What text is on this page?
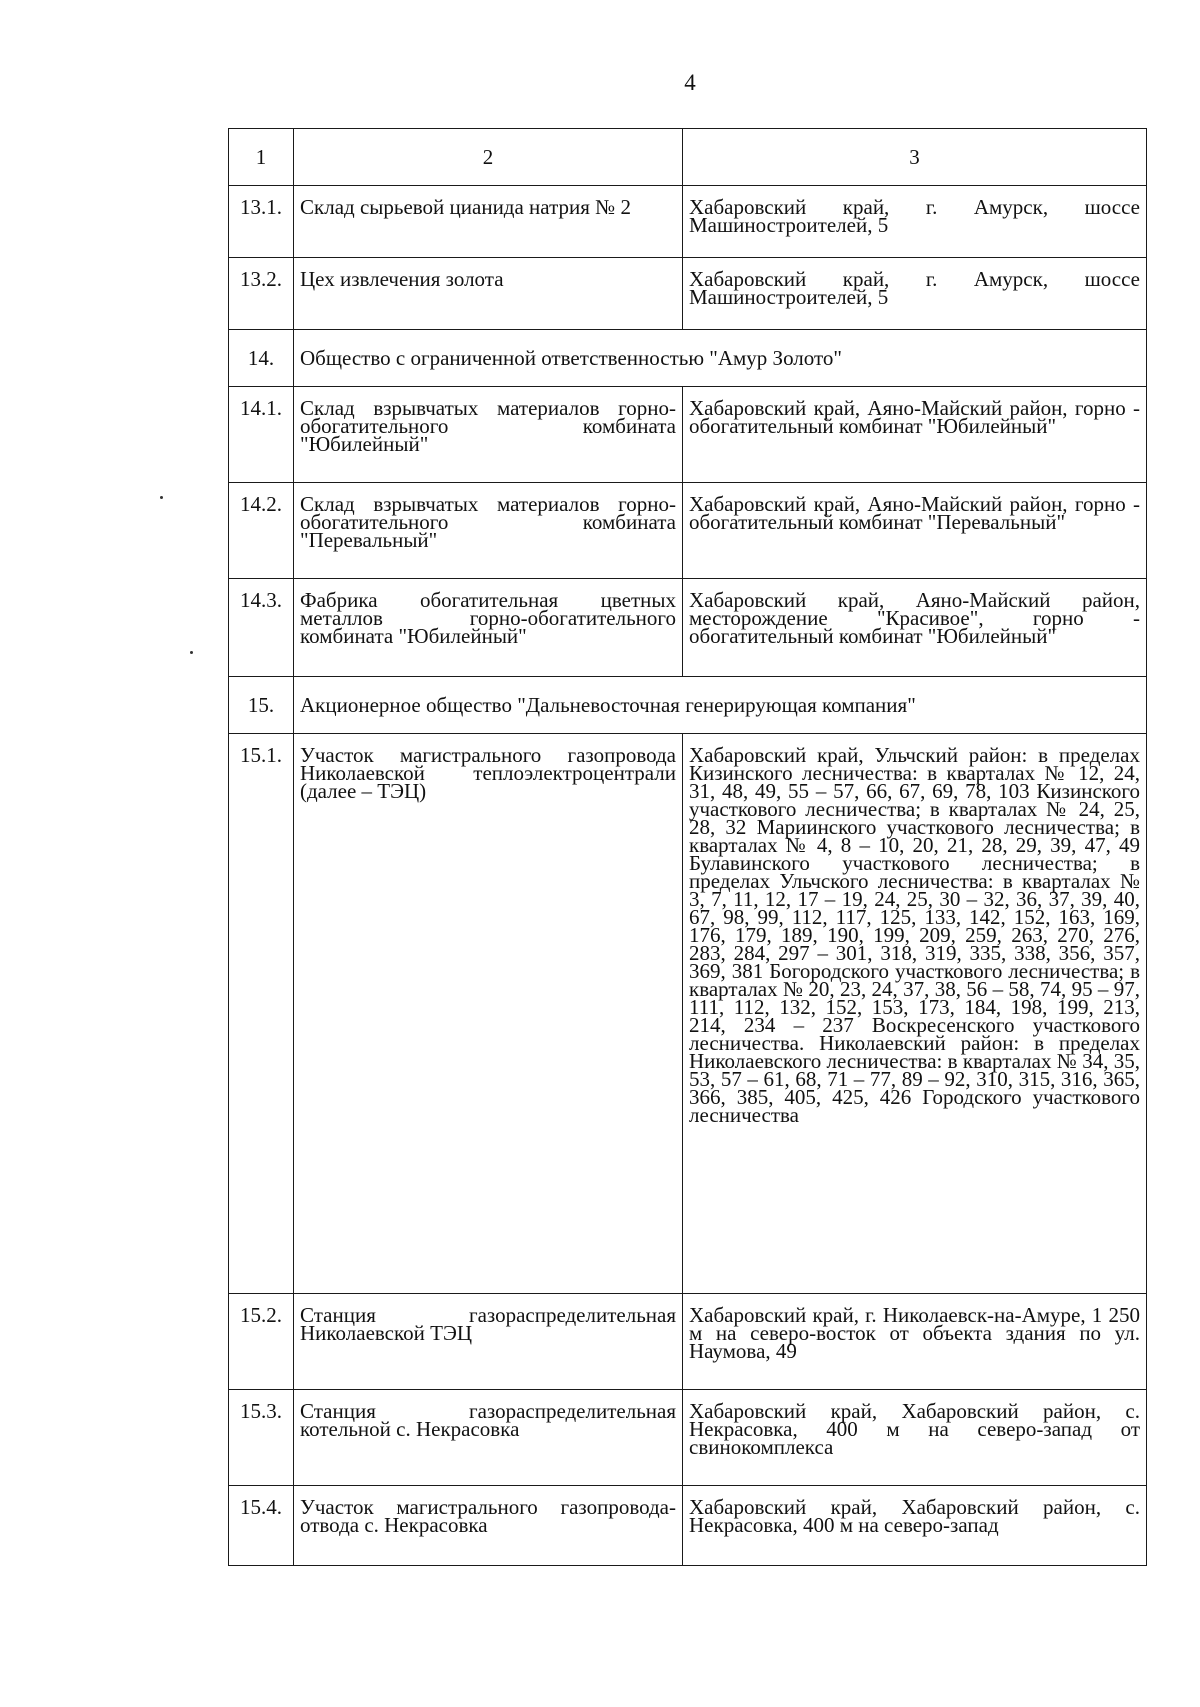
4
1	2	3
13.1.	Склад сырьевой цианида натрия № 2	Хабаровский край, г. Амурск, шоссе Машиностроителей, 5
13.2.	Цех извлечения золота	Хабаровский край, г. Амурск, шоссе Машиностроителей, 5
14.	Общество с ограниченной ответственностью "Амур Золото"	
14.1.	Склад взрывчатых материалов горно-обогатительного комбината "Юбилейный"	Хабаровский край, Аяно-Майский район, горно - обогатительный комбинат "Юбилейный"
14.2.	Склад взрывчатых материалов горно-обогатительного комбината "Перевальный"	Хабаровский край, Аяно-Майский район, горно - обогатительный комбинат "Перевальный"
14.3.	Фабрика обогатительная цветных металлов горно-обогатительного комбината "Юбилейный"	Хабаровский край, Аяно-Майский район, месторождение "Красивое", горно - обогатительный комбинат "Юбилейный"
15.	Акционерное общество "Дальневосточная генерирующая компания"	
15.1.	Участок магистрального газопровода Николаевской теплоэлектроцентрали (далее – ТЭЦ)	Хабаровский край, Ульчский район: в пределах Кизинского лесничества: в кварталах № 12, 24, 31, 48, 49, 55 – 57, 66, 67, 69, 78, 103 Кизинского участкового лесничества; в кварталах № 24, 25, 28, 32 Мариинского участкового лесничества; в кварталах № 4, 8 – 10, 20, 21, 28, 29, 39, 47, 49 Булавинского участкового лесничества; в пределах Ульчского лесничества: в кварталах № 3, 7, 11, 12, 17 – 19, 24, 25, 30 – 32, 36, 37, 39, 40, 67, 98, 99, 112, 117, 125, 133, 142, 152, 163, 169, 176, 179, 189, 190, 199, 209, 259, 263, 270, 276, 283, 284, 297 – 301, 318, 319, 335, 338, 356, 357, 369, 381 Богородского участкового лесничества; в кварталах № 20, 23, 24, 37, 38, 56 – 58, 74, 95 – 97, 111, 112, 132, 152, 153, 173, 184, 198, 199, 213, 214, 234 – 237 Воскресенского участкового лесничества. Николаевский район: в пределах Николаевского лесничества: в кварталах № 34, 35, 53, 57 – 61, 68, 71 – 77, 89 – 92, 310, 315, 316, 365, 366, 385, 405, 425, 426 Городского участкового лесничества
15.2.	Станция газораспределительная Николаевской ТЭЦ	Хабаровский край, г. Николаевск-на-Амуре, 1 250 м на северо-восток от объекта здания по ул. Наумова, 49
15.3.	Станция газораспределительная котельной с. Некрасовка	Хабаровский край, Хабаровский район, с. Некрасовка, 400 м на северо-запад от свинокомплекса
15.4.	Участок магистрального газопровода-отвода с. Некрасовка	Хабаровский край, Хабаровский район, с. Некрасовка, 400 м на северо-запад
